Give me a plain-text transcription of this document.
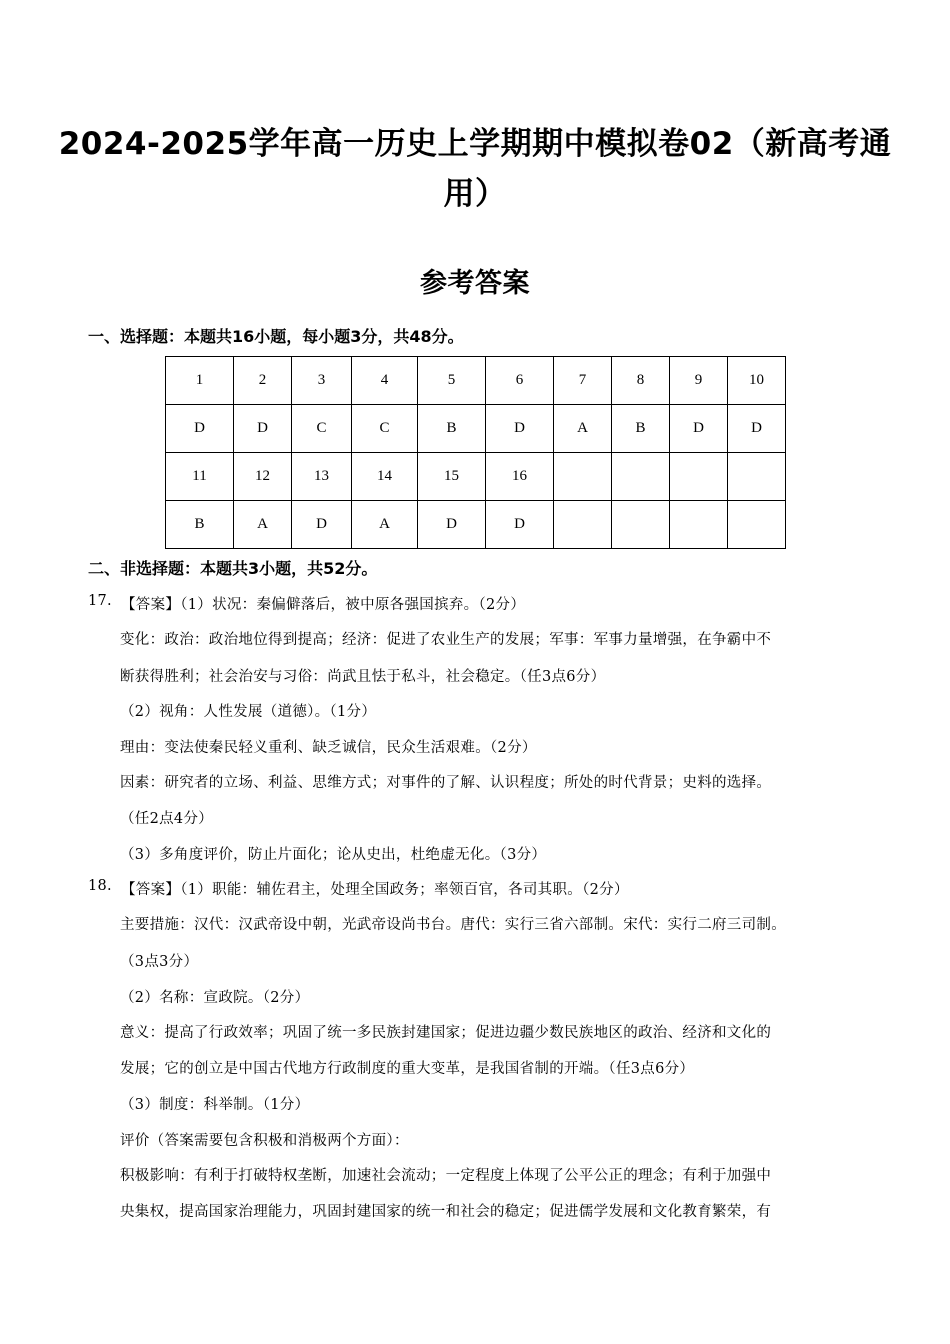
2024-2025学年高一历史上学期期中模拟卷02（新高考通
用）
参考答案
一、选择题：本题共16小题，每小题3分，共48分。
1	2	3	4	5	6	7	8	9	10
D	D	C	C	B	D	A	B	D	D
11	12	13	14	15	16				
B	A	D	A	D	D				
二、非选择题：本题共3小题，共52分。
17. 【答案】（1）状况：秦偏僻落后，被中原各强国摈弃。（2分）
变化：政治：政治地位得到提高；经济：促进了农业生产的发展；军事：军事力量增强，在争霸中不
断获得胜利；社会治安与习俗：尚武且怯于私斗，社会稳定。（任3点6分）
（2）视角：人性发展（道德）。（1分）
理由：变法使秦民轻义重利、缺乏诚信，民众生活艰难。（2分）
因素：研究者的立场、利益、思维方式；对事件的了解、认识程度；所处的时代背景；史料的选择。
（任2点4分）
（3）多角度评价，防止片面化；论从史出，杜绝虚无化。（3分）
18. 【答案】（1）职能：辅佐君主，处理全国政务；率领百官，各司其职。（2分）
主要措施：汉代：汉武帝设中朝，光武帝设尚书台。唐代：实行三省六部制。宋代：实行二府三司制。
（3点3分）
（2）名称：宣政院。（2分）
意义：提高了行政效率；巩固了统一多民族封建国家；促进边疆少数民族地区的政治、经济和文化的
发展；它的创立是中国古代地方行政制度的重大变革，是我国省制的开端。（任3点6分）
（3）制度：科举制。（1分）
评价（答案需要包含积极和消极两个方面）：
积极影响：有利于打破特权垄断，加速社会流动；一定程度上体现了公平公正的理念；有利于加强中
央集权，提高国家治理能力，巩固封建国家的统一和社会的稳定；促进儒学发展和文化教育繁荣，有
